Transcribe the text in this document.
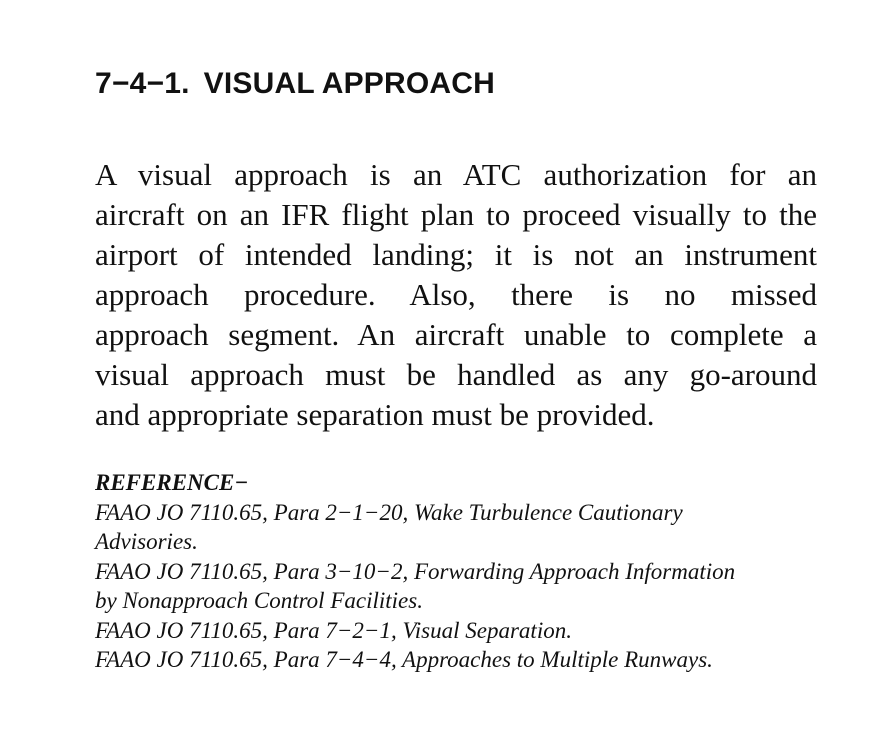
7−4−1. VISUAL APPROACH

A visual approach is an ATC authorization for an
aircraft on an IFR flight plan to proceed visually to the
airport of intended landing; it is not an instrument
approach procedure. Also, there is no missed
approach segment. An aircraft unable to complete a
visual approach must be handled as any go-around
and appropriate separation must be provided.

REFERENCE−
FAAO JO 7110.65, Para 2−1−20, Wake Turbulence Cautionary
Advisories.
FAAO JO 7110.65, Para 3−10−2, Forwarding Approach Information
by Nonapproach Control Facilities.
FAAO JO 7110.65, Para 7−2−1, Visual Separation.
FAAO JO 7110.65, Para 7−4−4, Approaches to Multiple Runways.
